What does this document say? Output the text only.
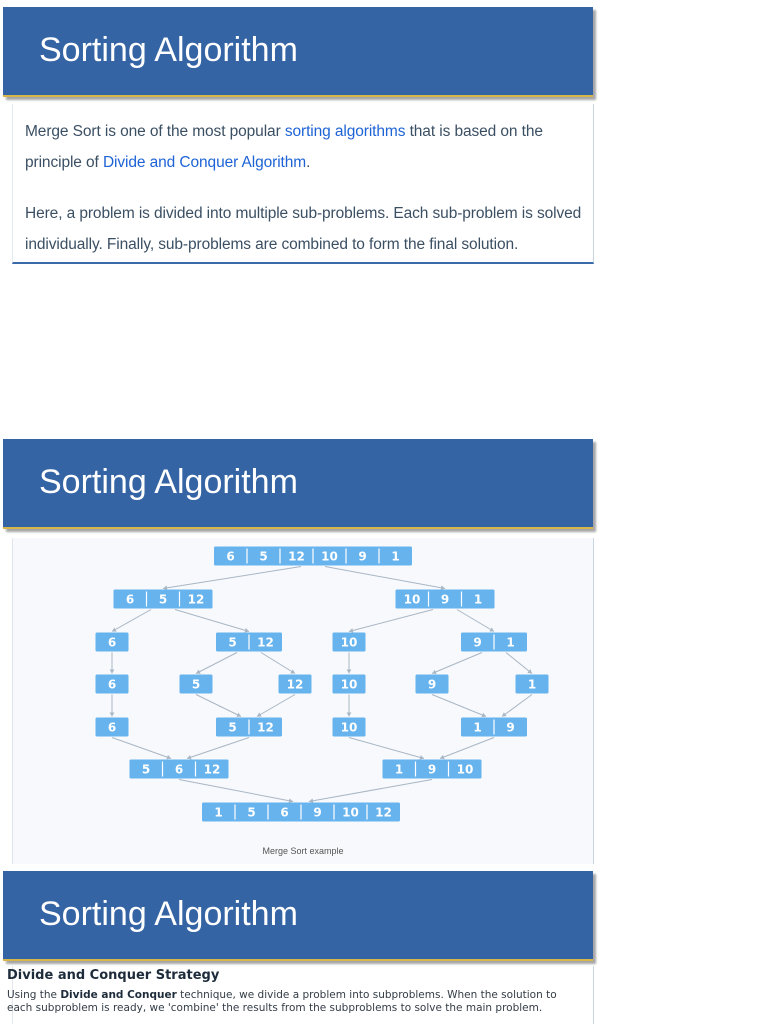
Sorting Algorithm

Merge Sort is one of the most popular sorting algorithms that is based on the principle of Divide and Conquer Algorithm.

Here, a problem is divided into multiple sub-problems. Each sub-problem is solved individually. Finally, sub-problems are combined to form the final solution.

Sorting Algorithm
6 5 12 10 9 1
6 5 12	10 9 1
6	5 12	10	9 1
6	5	12	10	9	1
6	5 12	10	1 9
5 6 12	1 9 10
1 5 6 9 10 12
Merge Sort example
Sorting Algorithm
Divide and Conquer Strategy
Using the Divide and Conquer technique, we divide a problem into subproblems. When the solution to each subproblem is ready, we 'combine' the results from the subproblems to solve the main problem.
